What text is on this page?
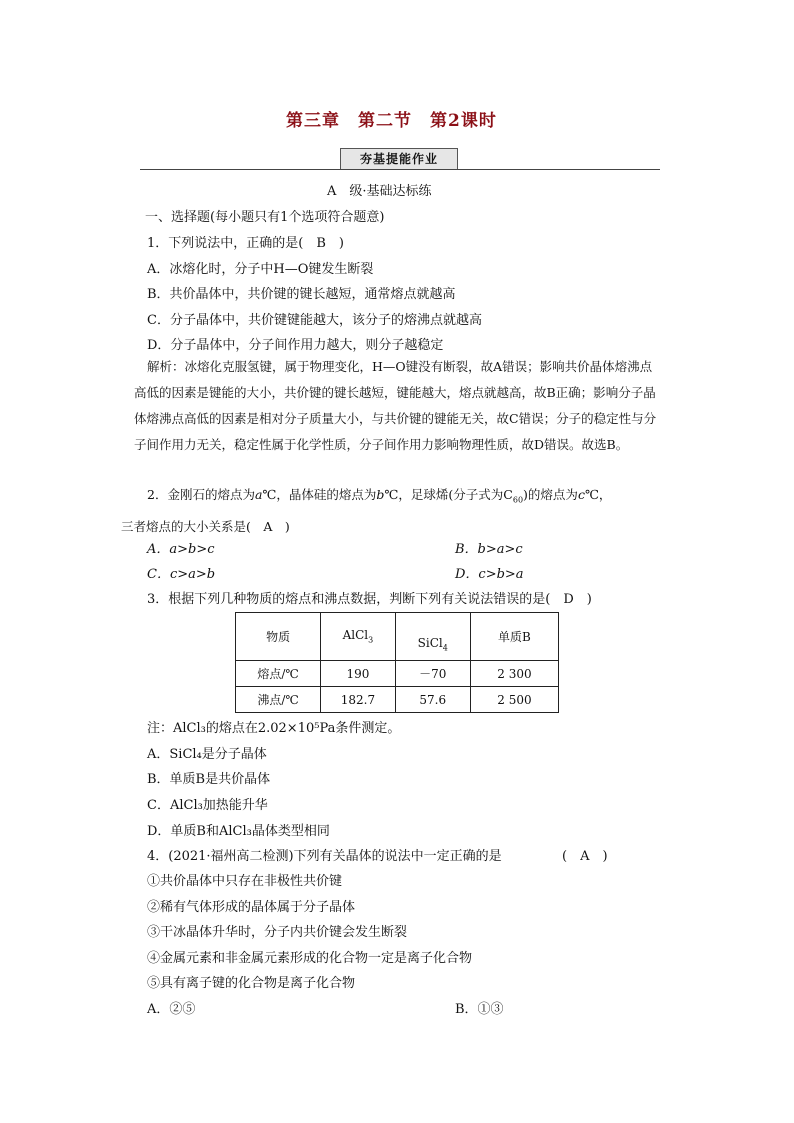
第三章　第二节　第2课时
夯基提能作业
A　级·基础达标练
一、选择题(每小题只有1个选项符合题意)
1．下列说法中，正确的是(　B　)
A．冰熔化时，分子中H—O键发生断裂
B．共价晶体中，共价键的键长越短，通常熔点就越高
C．分子晶体中，共价键键能越大，该分子的熔沸点就越高
D．分子晶体中，分子间作用力越大，则分子越稳定
解析：冰熔化克服氢键，属于物理变化，H—O键没有断裂，故A错误；影响共价晶体熔沸点高低的因素是键能的大小，共价键的键长越短，键能越大，熔点就越高，故B正确；影响分子晶体熔沸点高低的因素是相对分子质量大小，与共价键的键能无关，故C错误；分子的稳定性与分子间作用力无关，稳定性属于化学性质，分子间作用力影响物理性质，故D错误。故选B。
2．金刚石的熔点为a℃，晶体硅的熔点为b℃，足球烯(分子式为$C_{60}$)的熔点为c℃，
三者熔点的大小关系是(　A　)
A．a>b>c	B．b>a>c
C．c>a>b	D．c>b>a
3．根据下列几种物质的熔点和沸点数据，判断下列有关说法错误的是(　D　)
物质	AlCl$_3$	SiCl$_4$	单质B
熔点/℃	190	－70	2 300
沸点/℃	182.7	57.6	2 500
注：AlCl₃的熔点在2.02×10⁵Pa条件测定。
A．SiCl₄是分子晶体
B．单质B是共价晶体
C．AlCl₃加热能升华
D．单质B和AlCl₃晶体类型相同
4．(2021·福州高二检测)下列有关晶体的说法中一定正确的是	(　A　)
①共价晶体中只存在非极性共价键
②稀有气体形成的晶体属于分子晶体
③干冰晶体升华时，分子内共价键会发生断裂
④金属元素和非金属元素形成的化合物一定是离子化合物
⑤具有离子键的化合物是离子化合物
A．②⑤	B．①③
